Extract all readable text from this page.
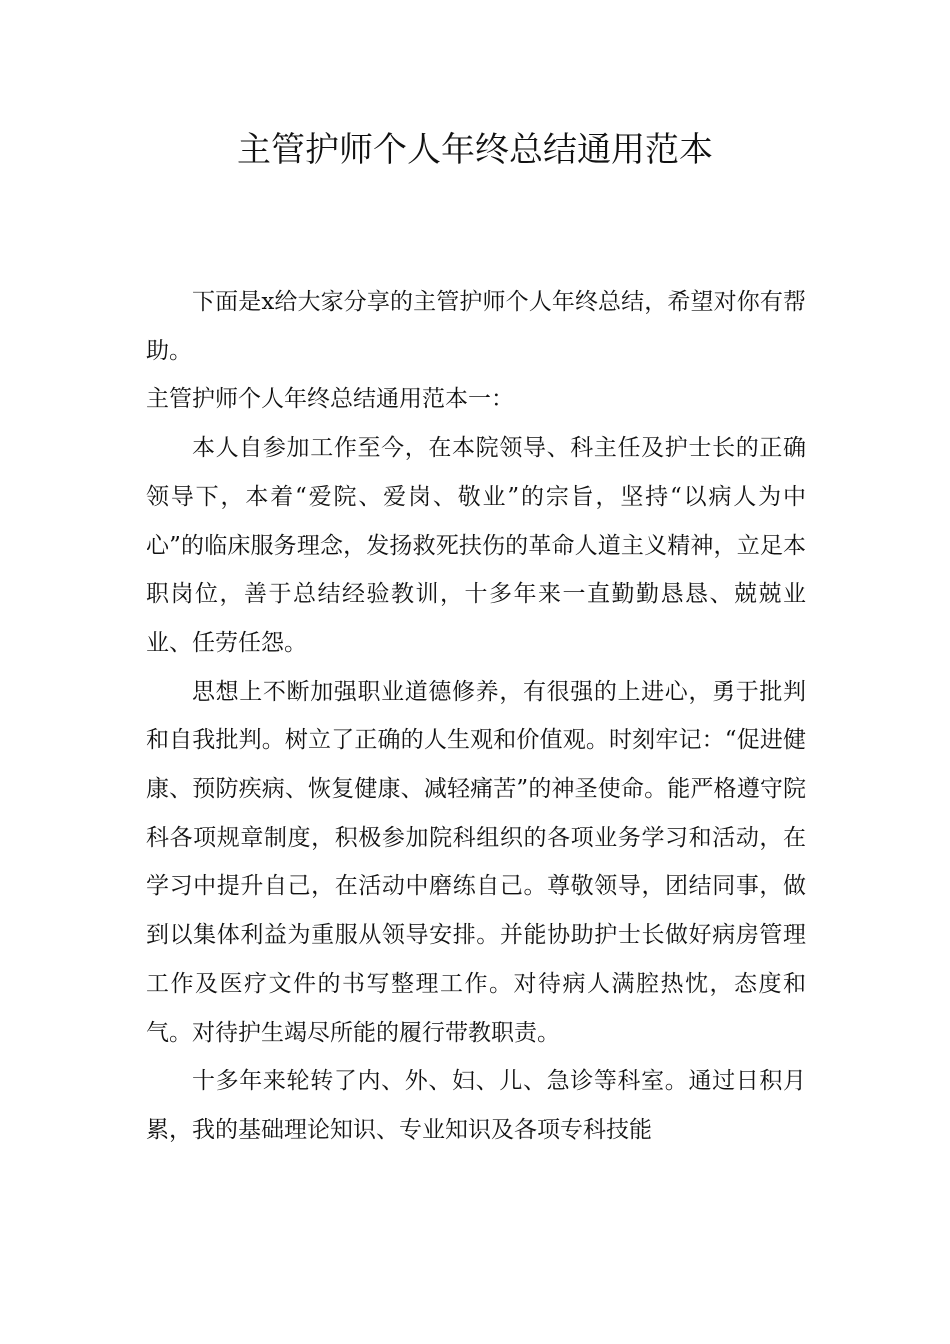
主管护师个人年终总结通用范本

下面是x给大家分享的主管护师个人年终总结，希望对你有帮助。

主管护师个人年终总结通用范本一：

本人自参加工作至今，在本院领导、科主任及护士长的正确领导下，本着“爱院、爱岗、敬业”的宗旨，坚持“以病人为中心”的临床服务理念，发扬救死扶伤的革命人道主义精神，立足本职岗位，善于总结经验教训，十多年来一直勤勤恳恳、兢兢业业、任劳任怨。

思想上不断加强职业道德修养，有很强的上进心，勇于批判和自我批判。树立了正确的人生观和价值观。时刻牢记：“促进健康、预防疾病、恢复健康、减轻痛苦”的神圣使命。能严格遵守院科各项规章制度，积极参加院科组织的各项业务学习和活动，在学习中提升自己，在活动中磨练自己。尊敬领导，团结同事，做到以集体利益为重服从领导安排。并能协助护士长做好病房管理工作及医疗文件的书写整理工作。对待病人满腔热忱，态度和气。对待护生竭尽所能的履行带教职责。

十多年来轮转了内、外、妇、儿、急诊等科室。通过日积月累，我的基础理论知识、专业知识及各项专科技能
